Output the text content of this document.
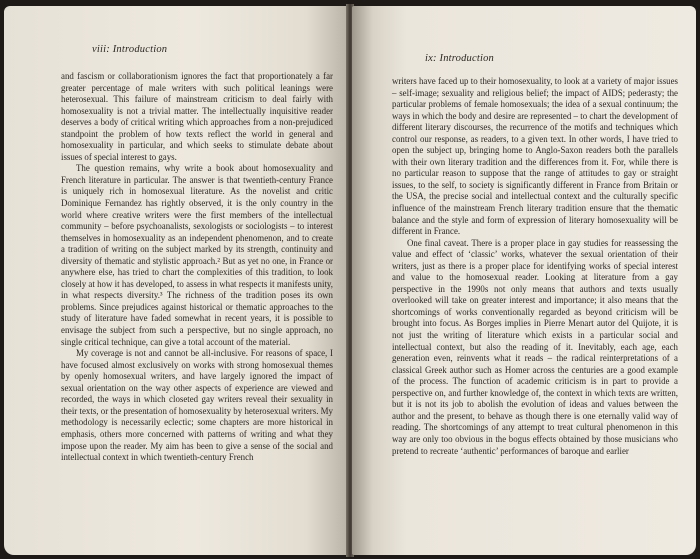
viii: Introduction

and fascism or collaborationism ignores the fact that proportionately a far greater percentage of male writers with such political leanings were heterosexual. This failure of mainstream criticism to deal fairly with homosexuality is not a trivial matter. The intellectually inquisitive reader deserves a body of critical writing which approaches from a non-prejudiced standpoint the problem of how texts reflect the world in general and homosexuality in particular, and which seeks to stimulate debate about issues of special interest to gays.

The question remains, why write a book about homosexuality and French literature in particular. The answer is that twentieth-century France is uniquely rich in homosexual literature. As the novelist and critic Dominique Fernandez has rightly observed, it is the only country in the world where creative writers were the first members of the intellectual community – before psychoanalists, sexologists or sociologists – to interest themselves in homosexuality as an independent phenomenon, and to create a tradition of writing on the subject marked by its strength, continuity and diversity of thematic and stylistic approach.² But as yet no one, in France or anywhere else, has tried to chart the complexities of this tradition, to look closely at how it has developed, to assess in what respects it manifests unity, in what respects diversity.³ The richness of the tradition poses its own problems. Since prejudices against historical or thematic approaches to the study of literature have faded somewhat in recent years, it is possible to envisage the subject from such a perspective, but no single approach, no single critical technique, can give a total account of the material.

My coverage is not and cannot be all-inclusive. For reasons of space, I have focused almost exclusively on works with strong homosexual themes by openly homosexual writers, and have largely ignored the impact of sexual orientation on the way other aspects of experience are viewed and recorded, the ways in which closeted gay writers reveal their sexuality in their texts, or the presentation of homosexuality by heterosexual writers. My methodology is necessarily eclectic; some chapters are more historical in emphasis, others more concerned with patterns of writing and what they impose upon the reader. My aim has been to give a sense of the social and intellectual context in which twentieth-century French

ix: Introduction

writers have faced up to their homosexuality, to look at a variety of major issues – self-image; sexuality and religious belief; the impact of AIDS; pederasty; the particular problems of female homosexuals; the idea of a sexual continuum; the ways in which the body and desire are represented – to chart the development of different literary discourses, the recurrence of the motifs and techniques which control our response, as readers, to a given text. In other words, I have tried to open the subject up, bringing home to Anglo-Saxon readers both the parallels with their own literary tradition and the differences from it. For, while there is no particular reason to suppose that the range of attitudes to gay or straight issues, to the self, to society is significantly different in France from Britain or the USA, the precise social and intellectual context and the culturally specific influence of the mainstream French literary tradition ensure that the thematic balance and the style and form of expression of literary homosexuality will be different in France.

One final caveat. There is a proper place in gay studies for reassessing the value and effect of ‘classic’ works, whatever the sexual orientation of their writers, just as there is a proper place for identifying works of special interest and value to the homosexual reader. Looking at literature from a gay perspective in the 1990s not only means that authors and texts usually overlooked will take on greater interest and importance; it also means that the shortcomings of works conventionally regarded as beyond criticism will be brought into focus. As Borges implies in Pierre Menart autor del Quijote, it is not just the writing of literature which exists in a particular social and intellectual context, but also the reading of it. Inevitably, each age, each generation even, reinvents what it reads – the radical reinterpretations of a classical Greek author such as Homer across the centuries are a good example of the process. The function of academic criticism is in part to provide a perspective on, and further knowledge of, the context in which texts are written, but it is not its job to abolish the evolution of ideas and values between the author and the present, to behave as though there is one eternally valid way of reading. The shortcomings of any attempt to treat cultural phenomenon in this way are only too obvious in the bogus effects obtained by those musicians who pretend to recreate ‘authentic’ performances of baroque and earlier
